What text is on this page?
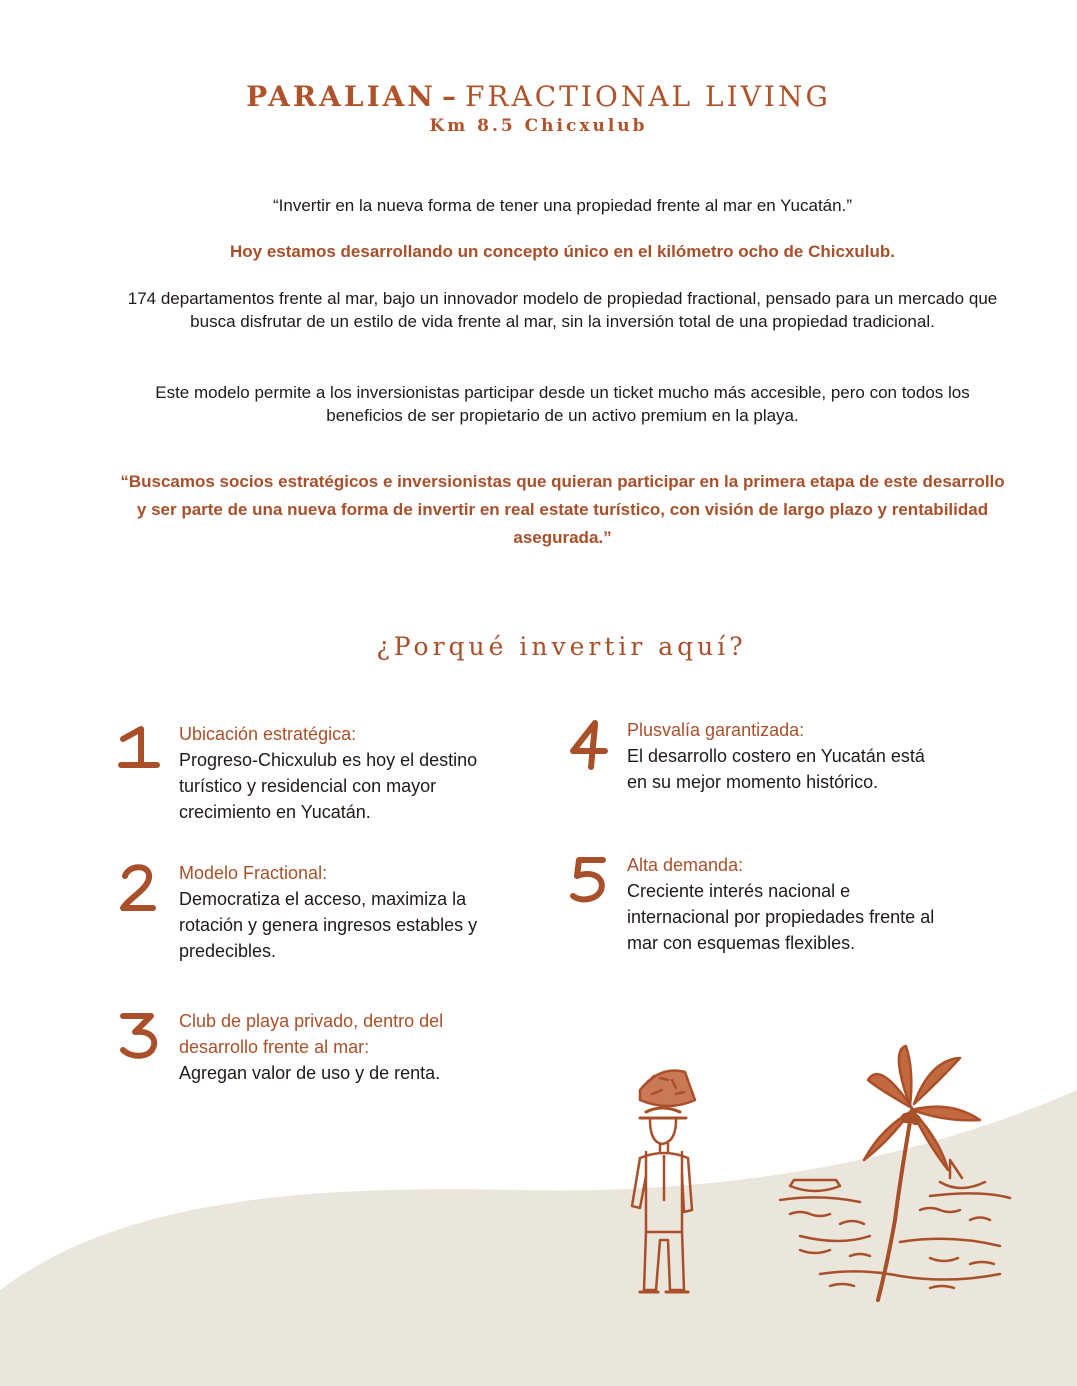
PARALIAN – FRACTIONAL LIVING
Km 8.5 Chicxulub

“Invertir en la nueva forma de tener una propiedad frente al mar en Yucatán.”

Hoy estamos desarrollando un concepto único en el kilómetro ocho de Chicxulub.

174 departamentos frente al mar, bajo un innovador modelo de propiedad fractional, pensado para un mercado que busca disfrutar de un estilo de vida frente al mar, sin la inversión total de una propiedad tradicional.

Este modelo permite a los inversionistas participar desde un ticket mucho más accesible, pero con todos los beneficios de ser propietario de un activo premium en la playa.

“Buscamos socios estratégicos e inversionistas que quieran participar en la primera etapa de este desarrollo y ser parte de una nueva forma de invertir en real estate turístico, con visión de largo plazo y rentabilidad asegurada.”
¿Porqué invertir aquí?
Ubicación estratégica:
Progreso-Chicxulub es hoy el destino turístico y residencial con mayor crecimiento en Yucatán.
Modelo Fractional:
Democratiza el acceso, maximiza la rotación y genera ingresos estables y predecibles.
Club de playa privado, dentro del desarrollo frente al mar:
Agregan valor de uso y de renta.
Plusvalía garantizada:
El desarrollo costero en Yucatán está en su mejor momento histórico.
Alta demanda:
Creciente interés nacional e internacional por propiedades frente al mar con esquemas flexibles.
